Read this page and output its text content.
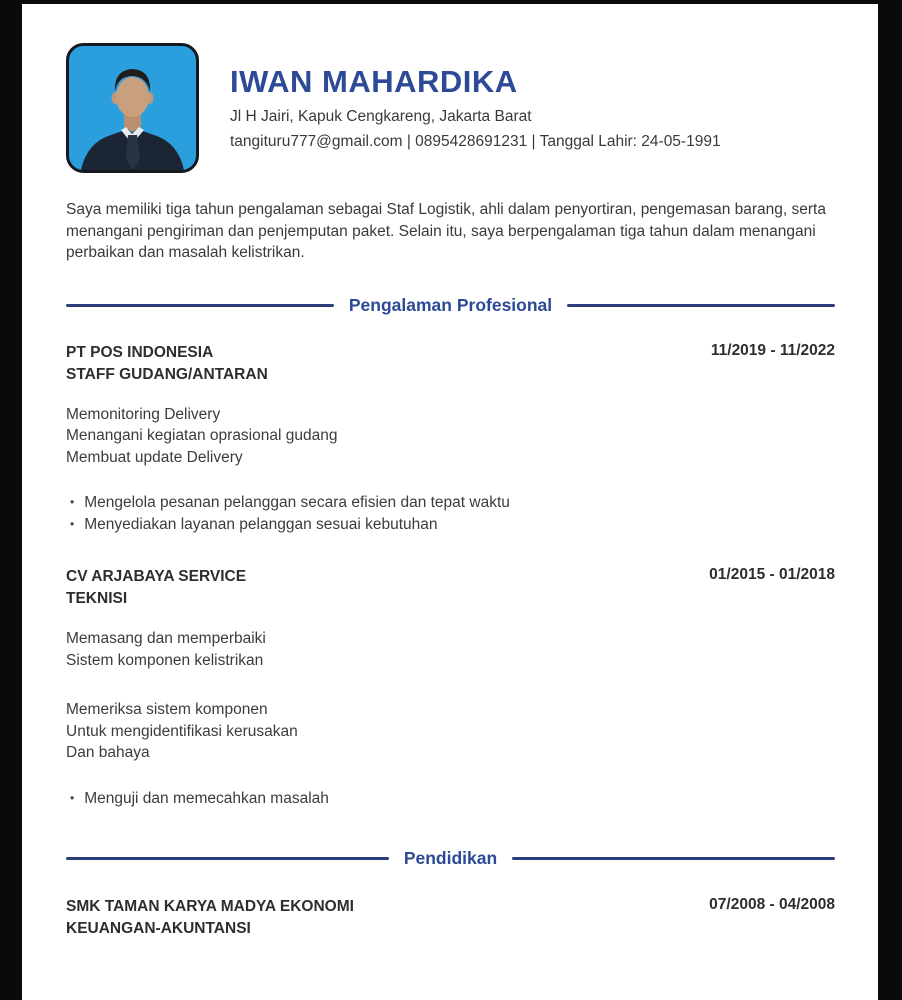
IWAN MAHARDIKA
Jl H Jairi, Kapuk Cengkareng, Jakarta Barat
tangituru777@gmail.com | 0895428691231 | Tanggal Lahir: 24-05-1991

Saya memiliki tiga tahun pengalaman sebagai Staf Logistik, ahli dalam penyortiran, pengemasan barang, serta menangani pengiriman dan penjemputan paket. Selain itu, saya berpengalaman tiga tahun dalam menangani perbaikan dan masalah kelistrikan.

Pengalaman Profesional
PT POS INDONESIA
STAFF GUDANG/ANTARAN
11/2019 - 11/2022
Memonitoring Delivery
Menangani kegiatan oprasional gudang
Membuat update Delivery
• Mengelola pesanan pelanggan secara efisien dan tepat waktu
• Menyediakan layanan pelanggan sesuai kebutuhan
CV ARJABAYA SERVICE
TEKNISI
01/2015 - 01/2018
Memasang dan memperbaiki
Sistem komponen kelistrikan
Memeriksa sistem komponen
Untuk mengidentifikasi kerusakan
Dan bahaya
• Menguji dan memecahkan masalah
Pendidikan
SMK TAMAN KARYA MADYA EKONOMI
KEUANGAN-AKUNTANSI
07/2008 - 04/2008
